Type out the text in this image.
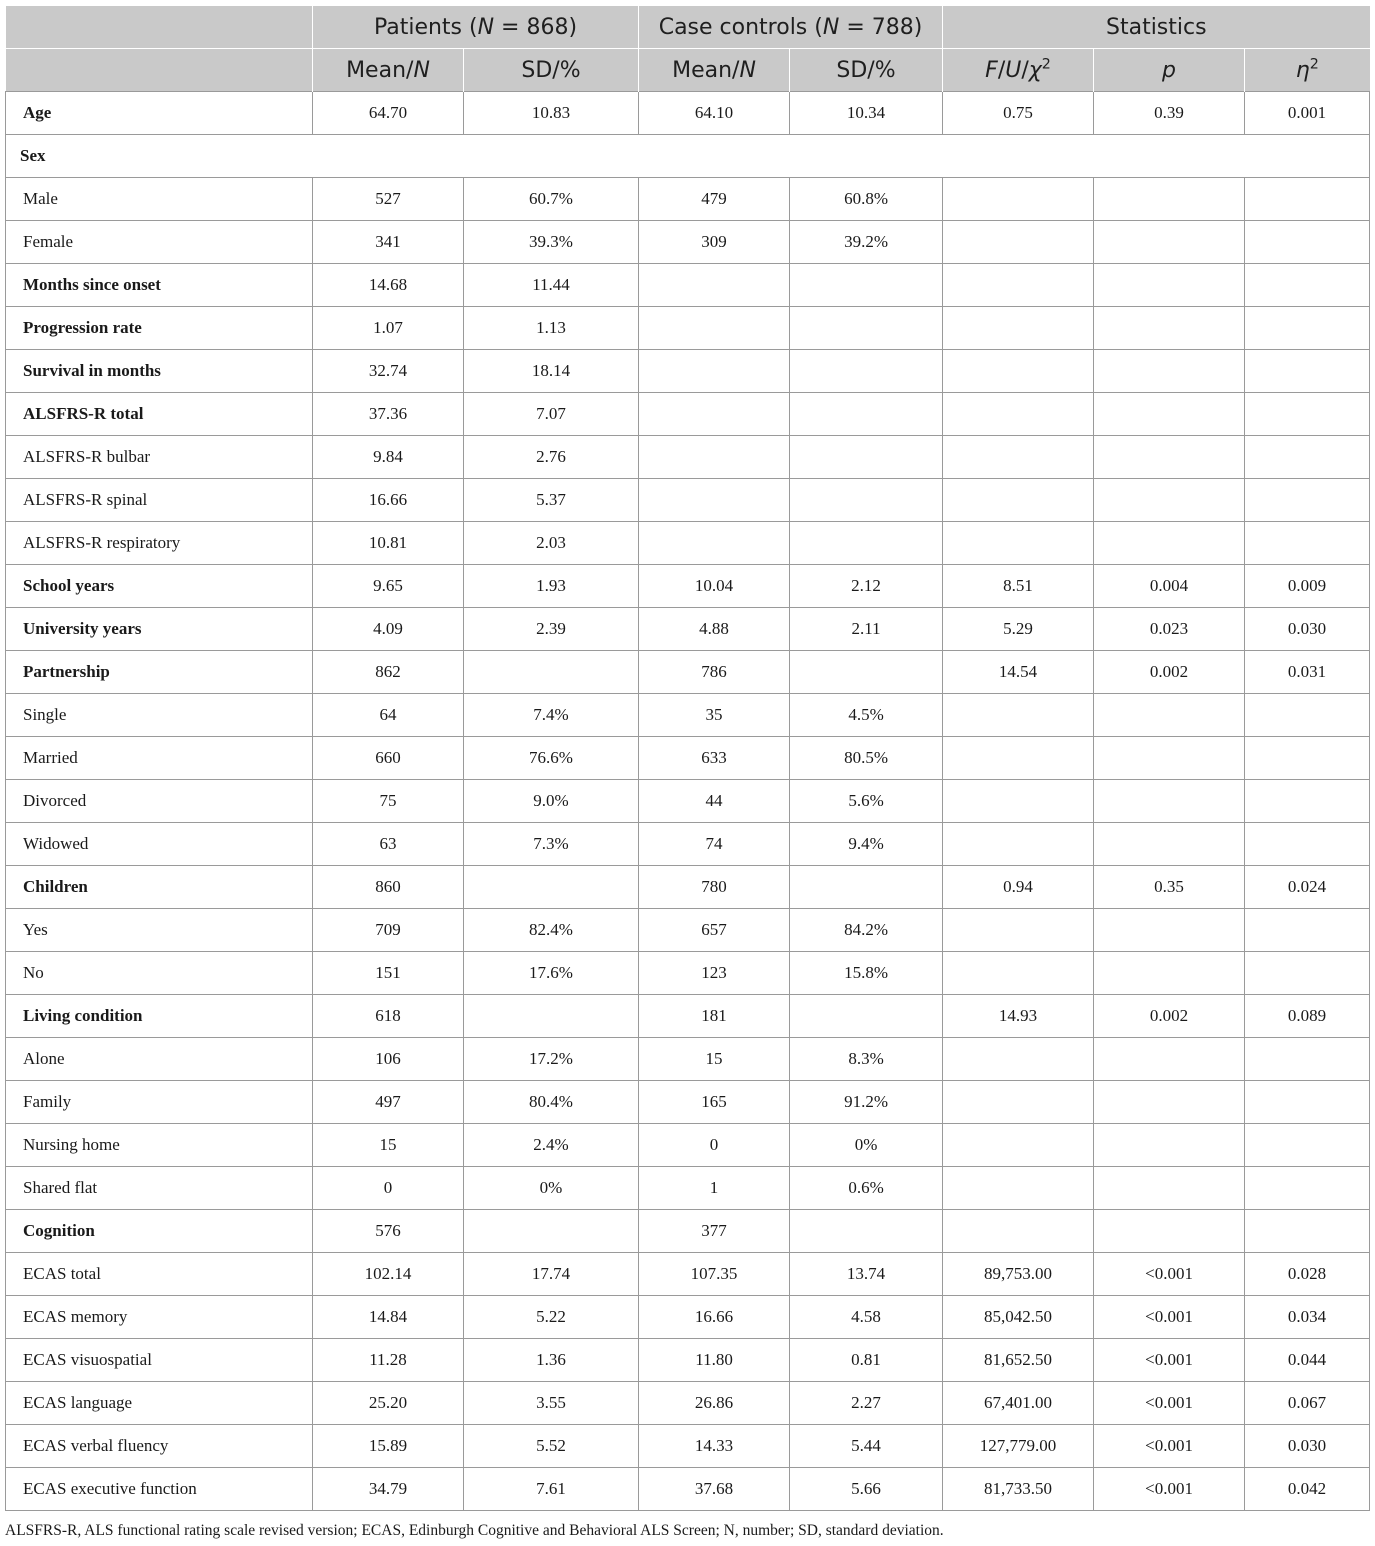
	Patients (N = 868)		Case controls (N = 788)		Statistics		
	Mean/N	SD/%	Mean/N	SD/%	$F/U/\chi^2$	p	$\eta^2$
Age	64.70	10.83	64.10	10.34	0.75	0.39	0.001
Sex							
Male	527	60.7%	479	60.8%			
Female	341	39.3%	309	39.2%			
Months since onset	14.68	11.44					
Progression rate	1.07	1.13					
Survival in months	32.74	18.14					
ALSFRS-R total	37.36	7.07					
ALSFRS-R bulbar	9.84	2.76					
ALSFRS-R spinal	16.66	5.37					
ALSFRS-R respiratory	10.81	2.03					
School years	9.65	1.93	10.04	2.12	8.51	0.004	0.009
University years	4.09	2.39	4.88	2.11	5.29	0.023	0.030
Partnership	862		786		14.54	0.002	0.031
Single	64	7.4%	35	4.5%			
Married	660	76.6%	633	80.5%			
Divorced	75	9.0%	44	5.6%			
Widowed	63	7.3%	74	9.4%			
Children	860		780		0.94	0.35	0.024
Yes	709	82.4%	657	84.2%			
No	151	17.6%	123	15.8%			
Living condition	618		181		14.93	0.002	0.089
Alone	106	17.2%	15	8.3%			
Family	497	80.4%	165	91.2%			
Nursing home	15	2.4%	0	0%			
Shared flat	0	0%	1	0.6%			
Cognition	576		377				
ECAS total	102.14	17.74	107.35	13.74	89,753.00	<0.001	0.028
ECAS memory	14.84	5.22	16.66	4.58	85,042.50	<0.001	0.034
ECAS visuospatial	11.28	1.36	11.80	0.81	81,652.50	<0.001	0.044
ECAS language	25.20	3.55	26.86	2.27	67,401.00	<0.001	0.067
ECAS verbal fluency	15.89	5.52	14.33	5.44	127,779.00	<0.001	0.030
ECAS executive function	34.79	7.61	37.68	5.66	81,733.50	<0.001	0.042
ALSFRS-R, ALS functional rating scale revised version; ECAS, Edinburgh Cognitive and Behavioral ALS Screen; N, number; SD, standard deviation.
